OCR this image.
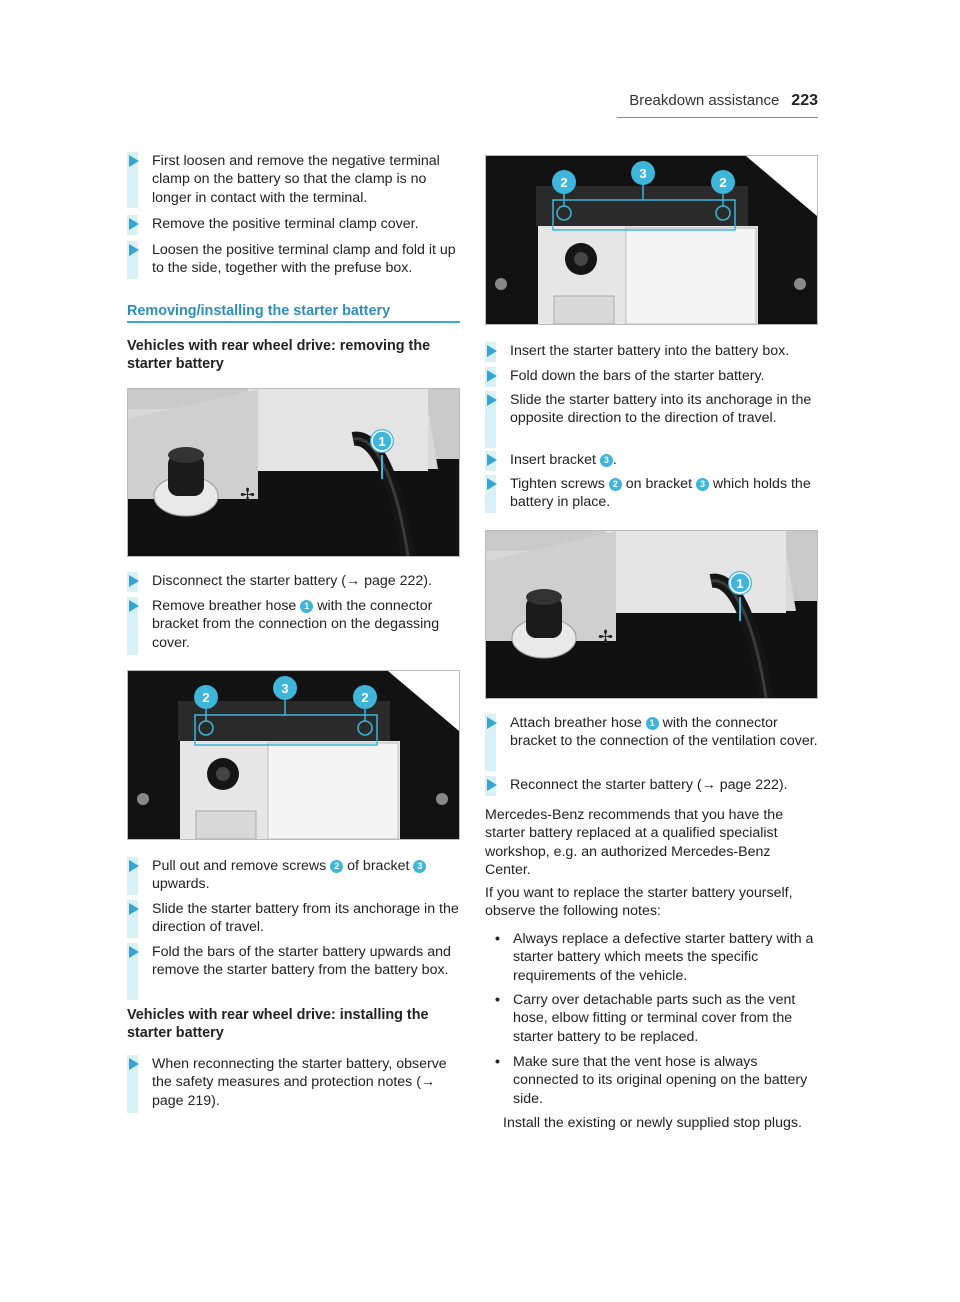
Breakdown assistance 223
First loosen and remove the negative terminal clamp on the battery so that the clamp is no longer in contact with the terminal.
Remove the positive terminal clamp cover.
Loosen the positive terminal clamp and fold it up to the side, together with the prefuse box.
Removing/installing the starter battery
Vehicles with rear wheel drive: removing the starter battery
✢
1
Disconnect the starter battery (→ page 222).
Remove breather hose 1 with the connector bracket from the connection on the degassing cover.
2
3
2
Pull out and remove screws 2 of bracket 3 upwards.
Slide the starter battery from its anchorage in the direction of travel.
Fold the bars of the starter battery upwards and remove the starter battery from the battery box.
Vehicles with rear wheel drive: installing the starter battery
When reconnecting the starter battery, observe the safety measures and protection notes (→ page 219).
2
3
2
Insert the starter battery into the battery box.
Fold down the bars of the starter battery.
Slide the starter battery into its anchorage in the opposite direction to the direction of travel.
Insert bracket 3 .
Tighten screws 2 on bracket 3 which holds the battery in place.
✢
1
Attach breather hose 1 with the connector bracket to the connection of the ventilation cover.
Reconnect the starter battery (→ page 222).
Mercedes-Benz recommends that you have the starter battery replaced at a qualified specialist workshop, e.g. an authorized Mercedes-Benz Center.
If you want to replace the starter battery yourself, observe the following notes:
• Always replace a defective starter battery with a starter battery which meets the specific requirements of the vehicle.
• Carry over detachable parts such as the vent hose, elbow fitting or terminal cover from the starter battery to be replaced.
• Make sure that the vent hose is always connected to its original opening on the battery side.
Install the existing or newly supplied stop plugs.
